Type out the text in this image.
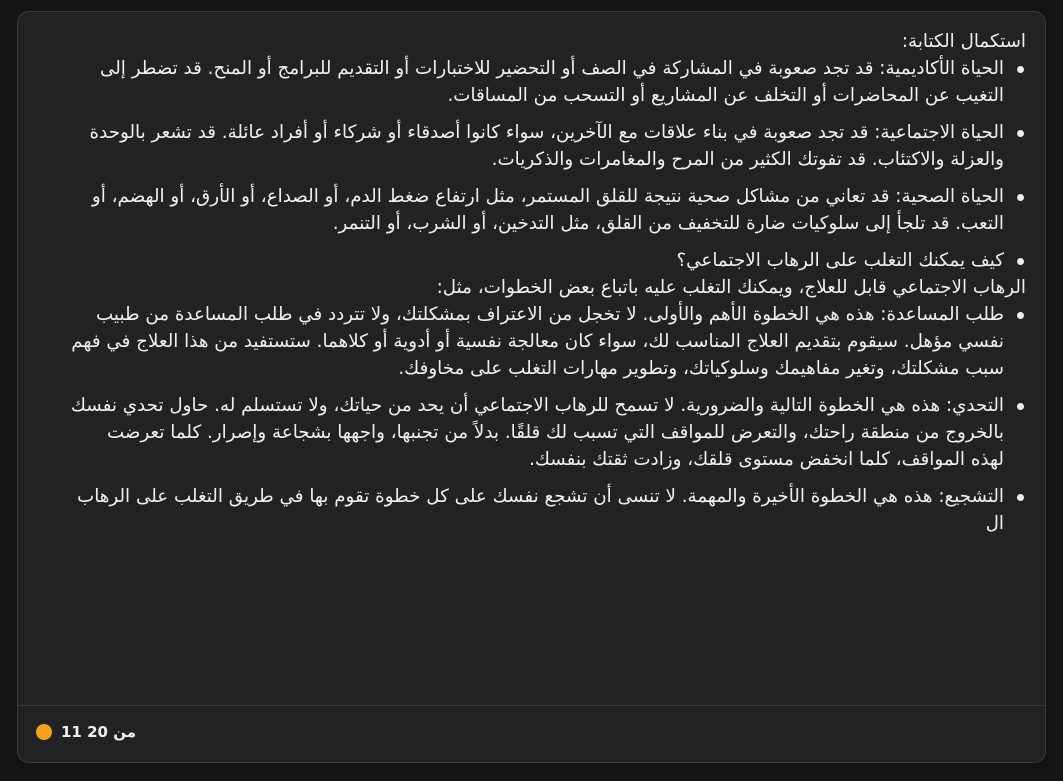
استكمال الكتابة:

الحياة الأكاديمية: قد تجد صعوبة في المشاركة في الصف أو التحضير للاختبارات أو التقديم للبرامج أو المنح. قد تضطر إلى التغيب عن المحاضرات أو التخلف عن المشاريع أو التسحب من المساقات.
الحياة الاجتماعية: قد تجد صعوبة في بناء علاقات مع الآخرين، سواء كانوا أصدقاء أو شركاء أو أفراد عائلة. قد تشعر بالوحدة والعزلة والاكتئاب. قد تفوتك الكثير من المرح والمغامرات والذكريات.
الحياة الصحية: قد تعاني من مشاكل صحية نتيجة للقلق المستمر، مثل ارتفاع ضغط الدم، أو الصداع، أو الأرق، أو الهضم، أو التعب. قد تلجأ إلى سلوكيات ضارة للتخفيف من القلق، مثل التدخين، أو الشرب، أو التنمر.
كيف يمكنك التغلب على الرهاب الاجتماعي؟

الرهاب الاجتماعي قابل للعلاج، ويمكنك التغلب عليه باتباع بعض الخطوات، مثل:

طلب المساعدة: هذه هي الخطوة الأهم والأولى. لا تخجل من الاعتراف بمشكلتك، ولا تتردد في طلب المساعدة من طبيب نفسي مؤهل. سيقوم بتقديم العلاج المناسب لك، سواء كان معالجة نفسية أو أدوية أو كلاهما. ستستفيد من هذا العلاج في فهم سبب مشكلتك، وتغير مفاهيمك وسلوكياتك، وتطوير مهارات التغلب على مخاوفك.
التحدي: هذه هي الخطوة التالية والضرورية. لا تسمح للرهاب الاجتماعي أن يحد من حياتك، ولا تستسلم له. حاول تحدي نفسك بالخروج من منطقة راحتك، والتعرض للمواقف التي تسبب لك قلقًا. بدلاً من تجنبها، واجهها بشجاعة وإصرار. كلما تعرضت لهذه المواقف، كلما انخفض مستوى قلقك، وزادت ثقتك بنفسك.
التشجيع: هذه هي الخطوة الأخيرة والمهمة. لا تنسى أن تشجع نفسك على كل خطوة تقوم بها في طريق التغلب على الرهاب ال
11 من 20
